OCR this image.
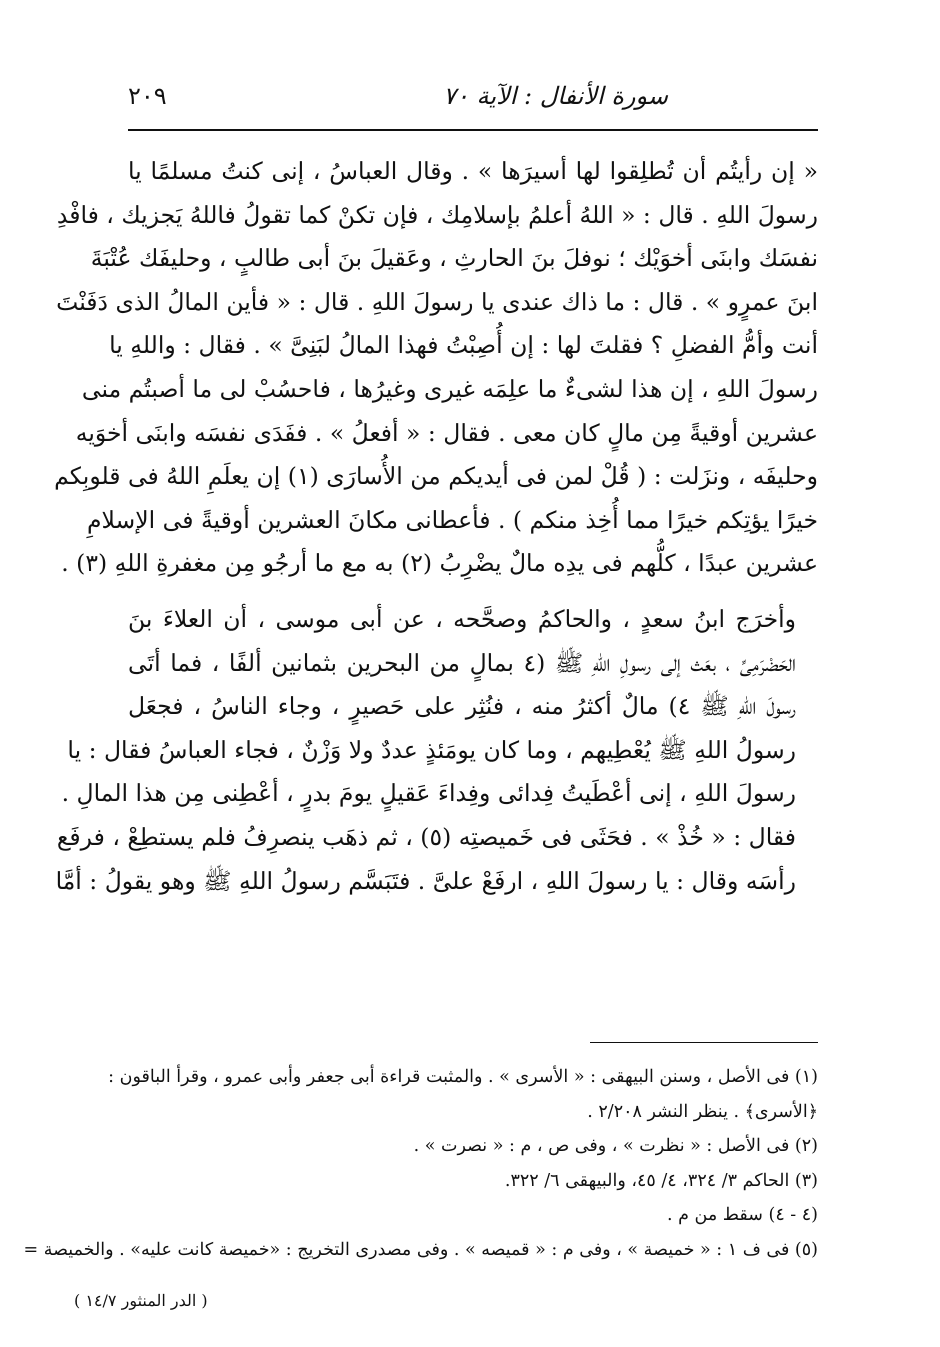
سورة الأنفال : الآية ٧٠
٢٠٩

« إن رأيتُم أن تُطلِقوا لها أسيرَها » . وقال العباسُ ، إنى كنتُ مسلمًا يا
رسولَ اللهِ . قال : « اللهُ أعلمُ بإسلامِك ، فإن تكنْ كما تقولُ فاللهُ يَجزيك ، فافْدِ
نفسَك وابنَى أخوَيْك ؛ نوفلَ بنَ الحارثِ ، وعَقيلَ بنَ أبى طالبٍ ، وحليفَك عُتْبَةَ
ابنَ عمرٍو » . قال : ما ذاك عندى يا رسولَ اللهِ . قال : « فأين المالُ الذى دَفَنْتَ
أنت وأمُّ الفضلِ ؟ فقلتَ لها : إن أُصِبْتُ فهذا المالُ لبَنِىَّ » . فقال : واللهِ يا
رسولَ اللهِ ، إن هذا لشىءٌ ما علِمَه غيرى وغيرُها ، فاحسُبْ لى ما أصبتُم منى
عشرين أوقيةً مِن مالٍ كان معى . فقال : « أفعلُ » . ففَدَى نفسَه وابنَى أخوَيه
وحليفَه ، ونزَلت : ( قُلْ لمن فى أيديكم من الأُسارَى (١) إن يعلَمِ اللهُ فى قلوبِكم
خيرًا يؤتِكم خيرًا مما أُخِذ منكم ) . فأعطانى مكانَ العشرين أوقيةً فى الإسلامِ
عشرين عبدًا ، كلُّهم فى يدِه مالٌ يضْرِبُ (٢) به مع ما أرجُو مِن مغفرةِ اللهِ (٣) .

وأخرَج ابنُ سعدٍ ، والحاكمُ وصحَّحه ، عن أبى موسى ، أن العلاءَ بنَ
الحَضْرَمِىِّ ، بعَث إلى رسولِ اللهِ ﷺ (٤ بمالٍ من البحرين بثمانين ألفًا ، فما أتَى
رسولَ اللهِ ﷺ ٤) مالٌ أكثرُ منه ، فنُثِر على حَصيرٍ ، وجاء الناسُ ، فجعَل
رسولُ اللهِ ﷺ يُعْطِيهم ، وما كان يومَئذٍ عددٌ ولا وَزْنٌ ، فجاء العباسُ فقال : يا
رسولَ اللهِ ، إنى أعْطَيتُ فِدائى وفِداءَ عَقيلٍ يومَ بدرٍ ، أعْطِنى مِن هذا المالِ .
فقال : « خُذْ » . فحَثَى فى خَميصتِه (٥) ، ثم ذهَب ينصرِفُ فلم يستطِعْ ، فرفَع
رأسَه وقال : يا رسولَ اللهِ ، ارفَعْ علىَّ . فتَبَسَّم رسولُ اللهِ ﷺ وهو يقولُ : أمَّا

(١) فى الأصل ، وسنن البيهقى : « الأسرى » . والمثبت قراءة أبى جعفر وأبى عمرو ، وقرأ الباقون :
﴿الأسرى﴾ . ينظر النشر ٢/٢٠٨ .
(٢) فى الأصل : « نظرت » ، وفى ص ، م : « نصرت » .
(٣) الحاكم ٣/ ٣٢٤، ٤/ ٤٥، والبيهقى ٦/ ٣٢٢.
(٤ - ٤) سقط من م .
(٥) فى ف ١ : « خميصة » ، وفى م : « قميصه » . وفى مصدرى التخريج : «خميصة كانت عليه» . والخميصة =
( الدر المنثور ١٤/٧ )
